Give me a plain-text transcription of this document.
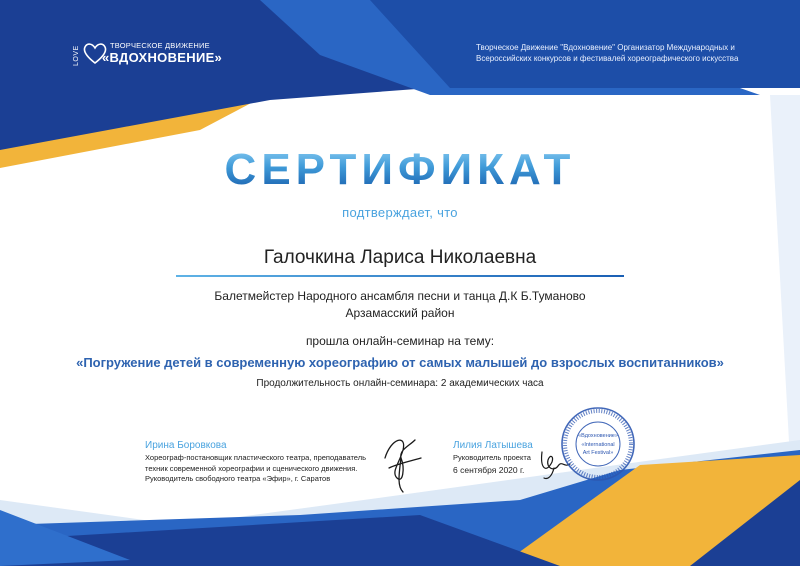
LOVE	ТВОРЧЕСКОЕ ДВИЖЕНИЕ
«ВДОХНОВЕНИЕ»
Творческое Движение "Вдохновение" Организатор Международных и
Всероссийских конкурсов и фестивалей хореографического искусства
СЕРТИФИКАТ
подтверждает, что
Галочкина Лариса Николаевна
Балетмейстер Народного ансамбля песни и танца Д.К Б.Туманово
Арзамасский район
прошла онлайн-семинар на тему:
«Погружение детей в современную хореографию от самых малышей до взрослых воспитанников»
Продолжительность онлайн-семинара: 2 академических часа
Ирина Боровкова
Хореограф-постановщик пластического театра, преподаватель
техник современной хореографии и сценического движения.
Руководитель свободного театра «Эфир», г. Саратов
Лилия Латышева
Руководитель проекта
6 сентября 2020 г.
«Вдохновение»
«International
Art Festival»
